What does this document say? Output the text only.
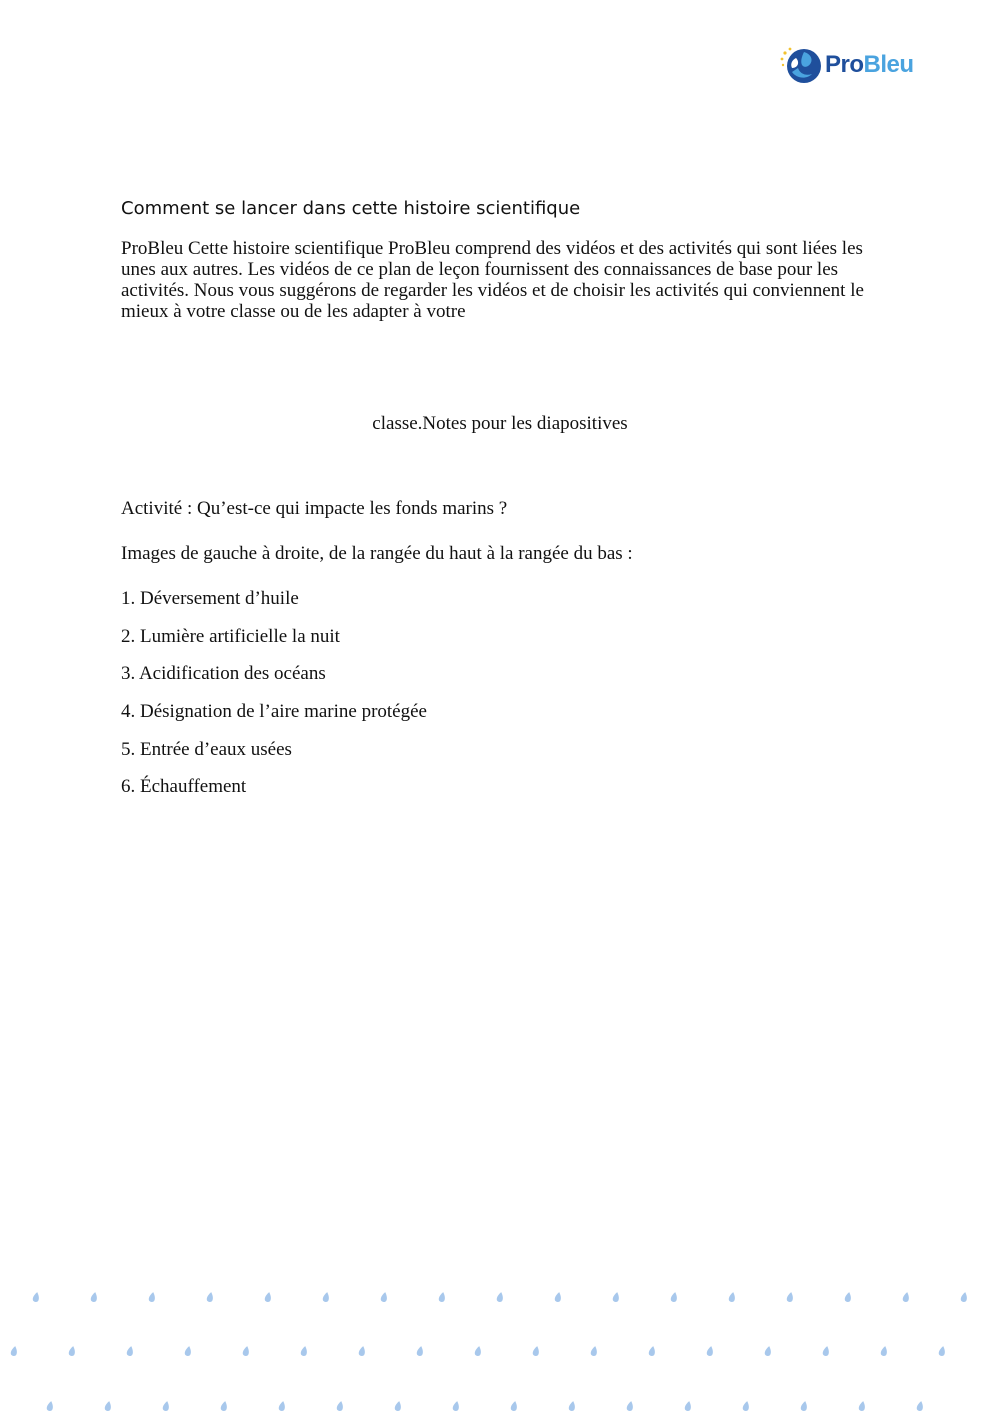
ProBleu
Comment se lancer dans cette histoire scientifique

ProBleu Cette histoire scientifique ProBleu comprend des vidéos et des activités qui sont liées les unes aux autres. Les vidéos de ce plan de leçon fournissent des connaissances de base pour les activités. Nous vous suggérons de regarder les vidéos et de choisir les activités qui conviennent le mieux à votre classe ou de les adapter à votre

classe.Notes pour les diapositives
Activité : Qu’est-ce qui impacte les fonds marins ?
Images de gauche à droite, de la rangée du haut à la rangée du bas :
1. Déversement d’huile
2. Lumière artificielle la nuit
3. Acidification des océans
4. Désignation de l’aire marine protégée
5. Entrée d’eaux usées
6. Échauffement
